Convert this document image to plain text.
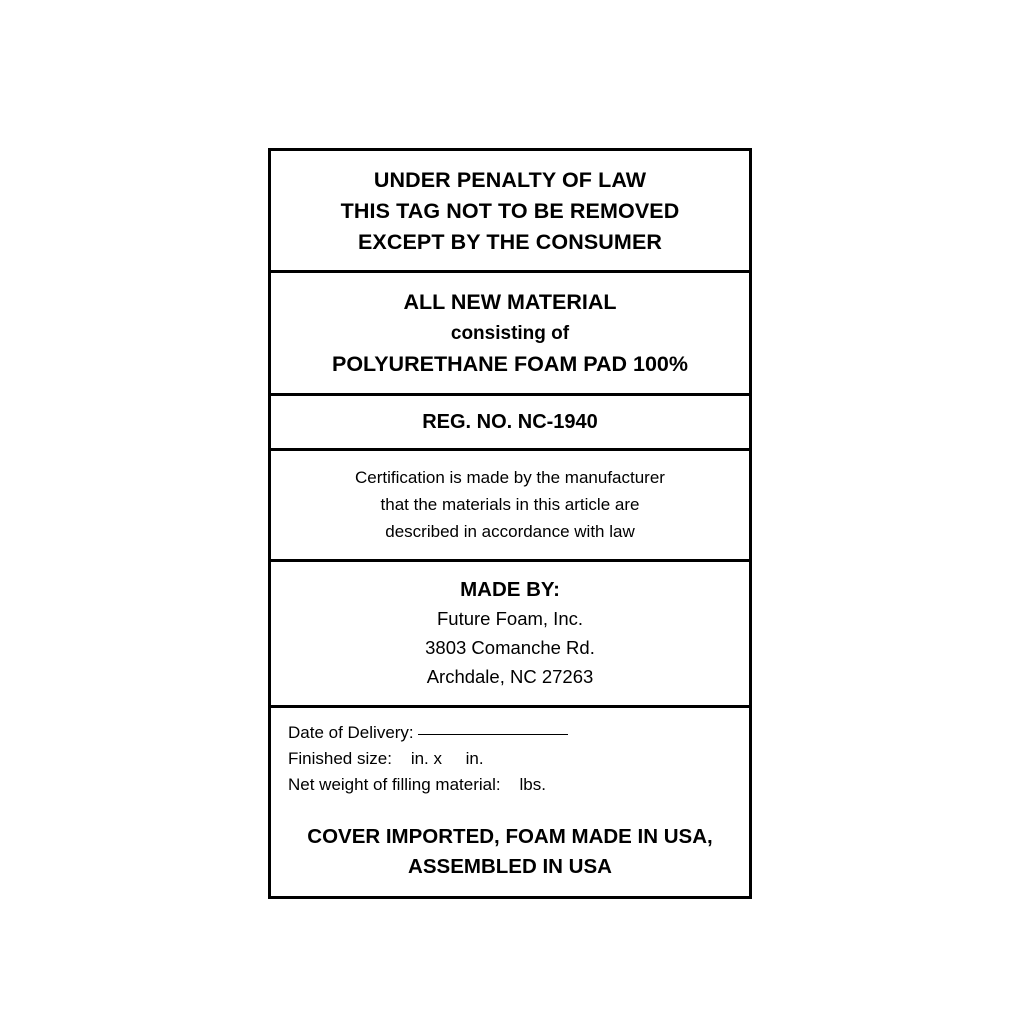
UNDER PENALTY OF LAW
THIS TAG NOT TO BE REMOVED
EXCEPT BY THE CONSUMER
ALL NEW MATERIAL
consisting of
POLYURETHANE FOAM PAD 100%
REG. NO. NC-1940
Certification is made by the manufacturer
that the materials in this article are
described in accordance with law
MADE BY:
Future Foam, Inc.
3803 Comanche Rd.
Archdale, NC 27263
Date of Delivery:
Finished size:    in. x     in.
Net weight of filling material:    lbs.
COVER IMPORTED, FOAM MADE IN USA,
ASSEMBLED IN USA
